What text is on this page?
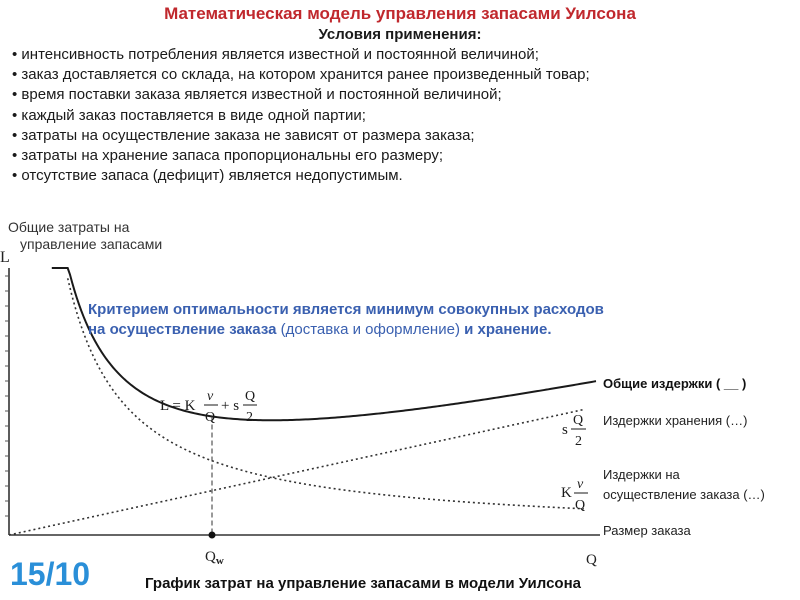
Математическая модель управления запасами Уилсона
Условия применения:
• интенсивность потребления является известной и постоянной величиной;
• заказ доставляется со склада, на котором хранится ранее произведенный товар;
• время поставки заказа является известной и постоянной величиной;
• каждый заказ поставляется в виде одной партии;
• затраты на осуществление заказа не зависят от размера заказа;
• затраты на хранение запаса пропорциональны его размеру;
• отсутствие запаса (дефицит) является недопустимым.
Общие затраты на
управление запасами
L
Q
$Q_w$
L = K
ν
Q
+ s
Q
2
s
Q
2
K
ν
Q
Критерием оптимальности является минимум совокупных расходов
на осуществление заказа (доставка и оформление) и хранение.
Общие издержки ( __ )
Издержки хранения (…)
Издержки на
осуществление заказа (…)
Размер заказа
15/10	График затрат на управление запасами в модели Уилсона
